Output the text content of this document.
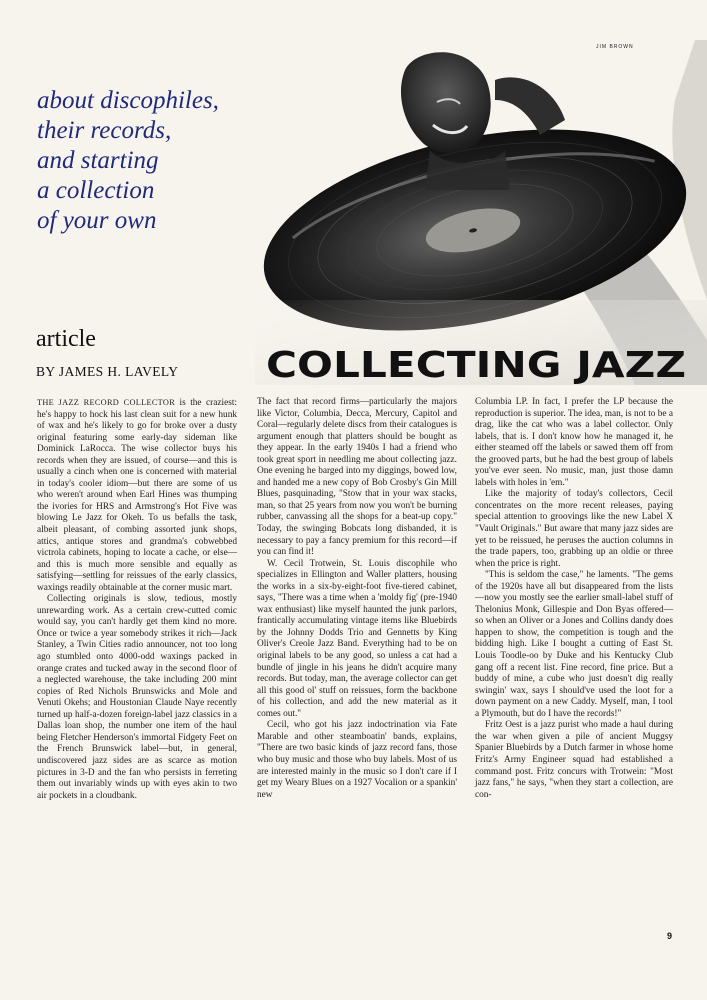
JIM BROWN
about discophiles,
their records,
and starting
a collection
of your own
article
BY JAMES H. LAVELY COLLECTING JAZZ

THE JAZZ RECORD COLLECTOR is the craziest: he's happy to hock his last clean suit for a new hunk of wax and he's likely to go for broke over a dusty original featuring some early-day sideman like Dominick LaRocca. The wise collector buys his records when they are issued, of course—and this is usually a cinch when one is concerned with material in today's cooler idiom—but there are some of us who weren't around when Earl Hines was thumping the ivories for HRS and Armstrong's Hot Five was blowing Le Jazz for Okeh. To us befalls the task, albeit pleasant, of combing assorted junk shops, attics, antique stores and grandma's cobwebbed victrola cabinets, hoping to locate a cache, or else—and this is much more sensible and equally as satisfying—settling for reissues of the early classics, waxings readily obtainable at the corner music mart.

Collecting originals is slow, tedious, mostly unrewarding work. As a certain crew-cutted comic would say, you can't hardly get them kind no more. Once or twice a year somebody strikes it rich—Jack Stanley, a Twin Cities radio announcer, not too long ago stumbled onto 4000-odd waxings packed in orange crates and tucked away in the second floor of a neglected warehouse, the take including 200 mint copies of Red Nichols Brunswicks and Mole and Venuti Okehs; and Houstonian Claude Naye recently turned up half-a-dozen foreign-label jazz classics in a Dallas loan shop, the number one item of the haul being Fletcher Henderson's immortal Fidgety Feet on the French Brunswick label—but, in general, undiscovered jazz sides are as scarce as motion pictures in 3-D and the fan who persists in ferreting them out invariably winds up with eyes akin to two air pockets in a cloudbank.

The fact that record firms—particularly the majors like Victor, Columbia, Decca, Mercury, Capitol and Coral—regularly delete discs from their catalogues is argument enough that platters should be bought as they appear. In the early 1940s I had a friend who took great sport in needling me about collecting jazz. One evening he barged into my diggings, bowed low, and handed me a new copy of Bob Crosby's Gin Mill Blues, pasquinading, "Stow that in your wax stacks, man, so that 25 years from now you won't be burning rubber, canvassing all the shops for a beat-up copy." Today, the swinging Bobcats long disbanded, it is necessary to pay a fancy premium for this record—if you can find it!

W. Cecil Trotwein, St. Louis discophile who specializes in Ellington and Waller platters, housing the works in a six-by-eight-foot five-tiered cabinet, says, "There was a time when a 'moldy fig' (pre-1940 wax enthusiast) like myself haunted the junk parlors, frantically accumulating vintage items like Bluebirds by the Johnny Dodds Trio and Gennetts by King Oliver's Creole Jazz Band. Everything had to be on original labels to be any good, so unless a cat had a bundle of jingle in his jeans he didn't acquire many records. But today, man, the average collector can get all this good ol' stuff on reissues, form the backbone of his collection, and add the new material as it comes out."

Cecil, who got his jazz indoctrination via Fate Marable and other steamboatin' bands, explains, "There are two basic kinds of jazz record fans, those who buy music and those who buy labels. Most of us are interested mainly in the music so I don't care if I get my Weary Blues on a 1927 Vocalion or a spankin' new

Columbia LP. In fact, I prefer the LP because the reproduction is superior. The idea, man, is not to be a drag, like the cat who was a label collector. Only labels, that is. I don't know how he managed it, he either steamed off the labels or sawed them off from the grooved parts, but he had the best group of labels you've ever seen. No music, man, just those damn labels with holes in 'em."

Like the majority of today's collectors, Cecil concentrates on the more recent releases, paying special attention to groovings like the new Label X "Vault Originals." But aware that many jazz sides are yet to be reissued, he peruses the auction columns in the trade papers, too, grabbing up an oldie or three when the price is right.

"This is seldom the case," he laments. "The gems of the 1920s have all but disappeared from the lists—now you mostly see the earlier small-label stuff of Thelonius Monk, Gillespie and Don Byas offered—so when an Oliver or a Jones and Collins dandy does happen to show, the competition is tough and the bidding high. Like I bought a cutting of East St. Louis Toodle-oo by Duke and his Kentucky Club gang off a recent list. Fine record, fine price. But a buddy of mine, a cube who just doesn't dig really swingin' wax, says I should've used the loot for a down payment on a new Caddy. Myself, man, I tool a Plymouth, but do I have the records!"

Fritz Oest is a jazz purist who made a haul during the war when given a pile of ancient Muggsy Spanier Bluebirds by a Dutch farmer in whose home Fritz's Army Engineer squad had established a command post. Fritz concurs with Trotwein: "Most jazz fans," he says, "when they start a collection, are con-

9
